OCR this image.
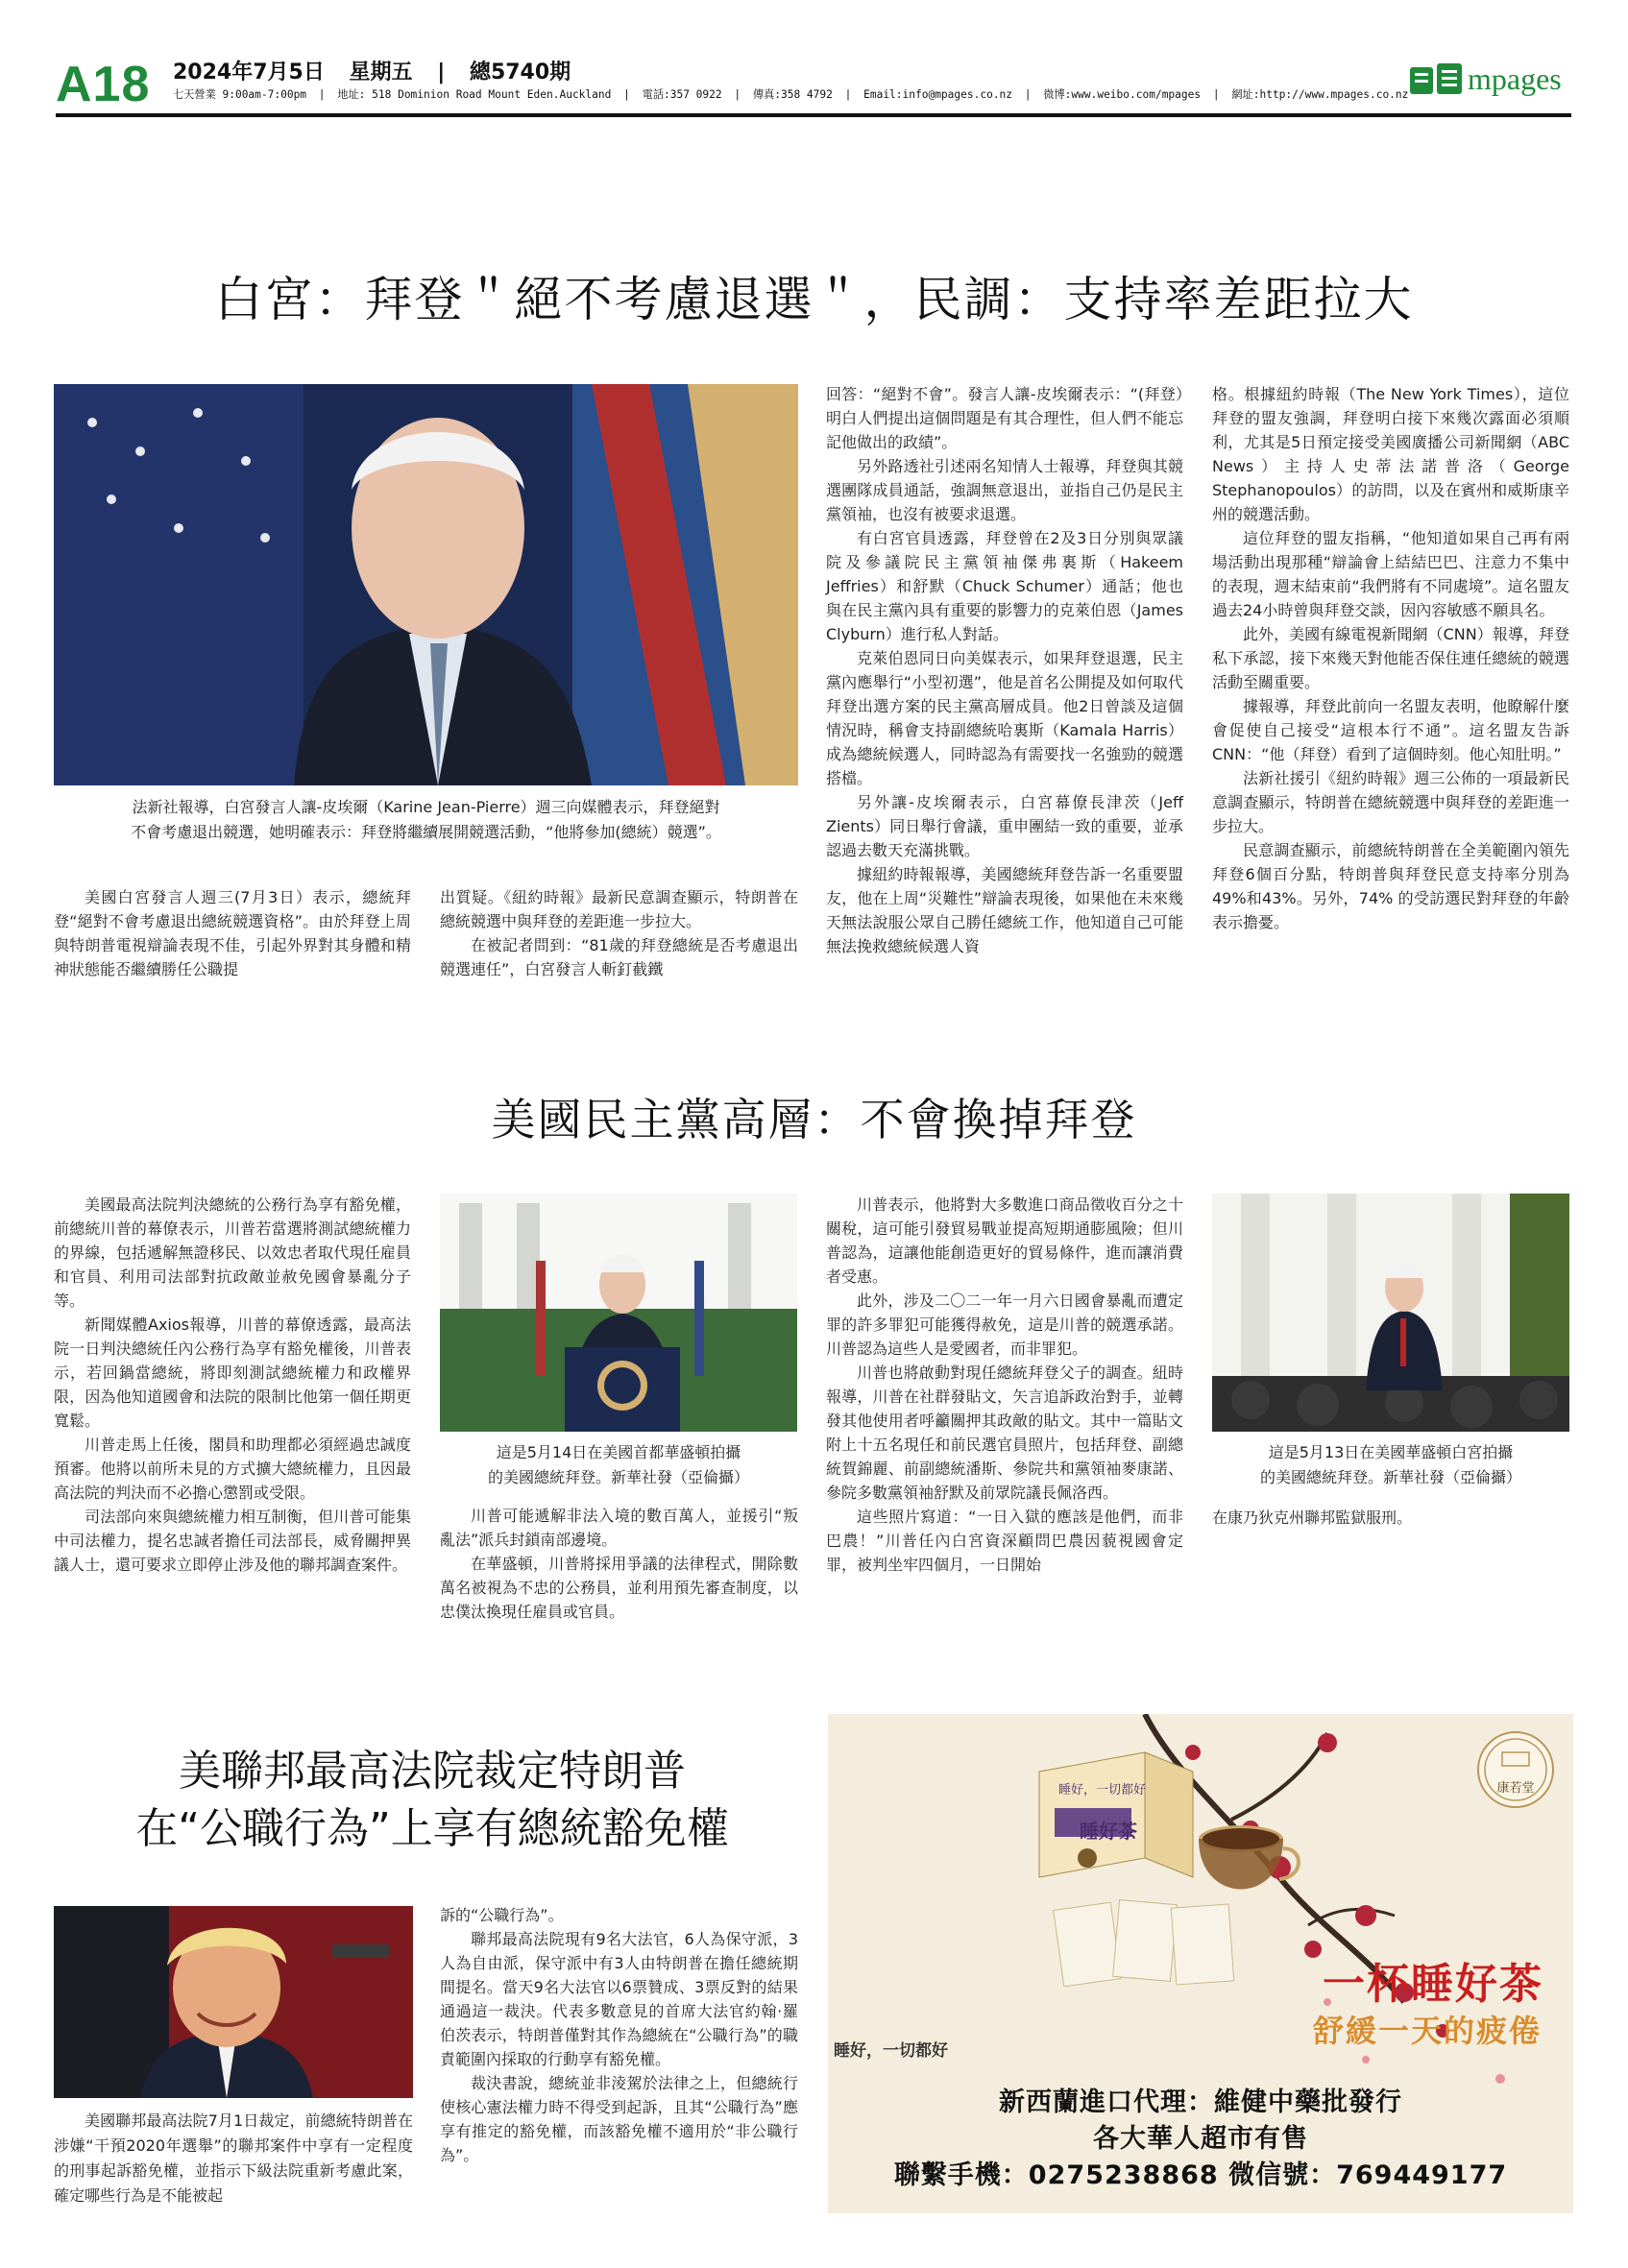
A18 2024年7月5日 星期五 | 總5740期
七天營業 9:00am-7:00pm | 地址: 518 Dominion Road Mount Eden.Auckland | 電話:357 0922 | 傳真:358 4792 | Email:info@mpages.co.nz | 微博:www.weibo.com/mpages | 網址:http://www.mpages.co.nz	mpages
白宮：拜登＂絕不考慮退選＂，民調：支持率差距拉大
法新社報導，白宮發言人讓-皮埃爾（Karine Jean-Pierre）週三向媒體表示，拜登絕對
不會考慮退出競選，她明確表示：拜登將繼續展開競選活動，“他將參加(總統）競選”。

美國白宮發言人週三(7月3日）表示，總統拜登“絕對不會考慮退出總統競選資格”。由於拜登上周與特朗普電視辯論表現不佳，引起外界對其身體和精神狀態能否繼續勝任公職提

出質疑。《紐約時報》最新民意調查顯示，特朗普在總統競選中與拜登的差距進一步拉大。

在被記者問到：“81歲的拜登總統是否考慮退出競選連任”，白宮發言人斬釘截鐵

回答：“絕對不會”。發言人讓-皮埃爾表示：“(拜登）明白人們提出這個問題是有其合理性，但人們不能忘記他做出的政績”。

另外路透社引述兩名知情人士報導，拜登與其競選團隊成員通話，強調無意退出，並指自己仍是民主黨領袖，也沒有被要求退選。

有白宮官員透露，拜登曾在2及3日分別與眾議院及參議院民主黨領袖傑弗裏斯（Hakeem Jeffries）和舒默（Chuck Schumer）通話；他也與在民主黨內具有重要的影響力的克萊伯恩（James Clyburn）進行私人對話。

克萊伯恩同日向美媒表示，如果拜登退選，民主黨內應舉行“小型初選”，他是首名公開提及如何取代拜登出選方案的民主黨高層成員。他2日曾談及這個情況時，稱會支持副總統哈裏斯（Kamala Harris）成為總統候選人，同時認為有需要找一名強勁的競選搭檔。

另外讓-皮埃爾表示，白宮幕僚長津茨（Jeff Zients）同日舉行會議，重申團結一致的重要，並承認過去數天充滿挑戰。

據紐約時報報導，美國總統拜登告訴一名重要盟友，他在上周“災難性”辯論表現後，如果他在未來幾天無法說服公眾自己勝任總統工作，他知道自己可能無法挽救總統候選人資

格。根據紐約時報（The New York Times），這位拜登的盟友強調，拜登明白接下來幾次露面必須順利，尤其是5日預定接受美國廣播公司新聞網（ABC News）主持人史蒂法諾普洛（George Stephanopoulos）的訪問，以及在賓州和威斯康辛州的競選活動。

這位拜登的盟友指稱，“他知道如果自己再有兩場活動出現那種“辯論會上結結巴巴、注意力不集中的表現，週末結束前“我們將有不同處境”。這名盟友過去24小時曾與拜登交談，因內容敏感不願具名。

此外，美國有線電視新聞網（CNN）報導，拜登私下承認，接下來幾天對他能否保住連任總統的競選活動至關重要。

據報導，拜登此前向一名盟友表明，他瞭解什麼會促使自己接受“這根本行不通”。這名盟友告訴CNN：“他（拜登）看到了這個時刻。他心知肚明。”

法新社援引《紐約時報》週三公佈的一項最新民意調查顯示，特朗普在總統競選中與拜登的差距進一步拉大。

民意調查顯示，前總統特朗普在全美範圍內領先拜登6個百分點，特朗普與拜登民意支持率分別為49%和43%。另外，74% 的受訪選民對拜登的年齡表示擔憂。

美國民主黨高層：不會換掉拜登

美國最高法院判決總統的公務行為享有豁免權，前總統川普的幕僚表示，川普若當選將測試總統權力的界線，包括遞解無證移民、以效忠者取代現任雇員和官員、利用司法部對抗政敵並赦免國會暴亂分子等。

新聞媒體Axios報導，川普的幕僚透露，最高法院一日判決總統任內公務行為享有豁免權後，川普表示，若回鍋當總統，將即刻測試總統權力和政權界限，因為他知道國會和法院的限制比他第一個任期更寬鬆。

川普走馬上任後，閣員和助理都必須經過忠誠度預審。他將以前所未見的方式擴大總統權力，且因最高法院的判決而不必擔心懲罰或受限。

司法部向來與總統權力相互制衡，但川普可能集中司法權力，提名忠誠者擔任司法部長，威脅關押異議人士，還可要求立即停止涉及他的聯邦調查案件。

這是5月14日在美國首都華盛頓拍攝
的美國總統拜登。新華社發（亞倫攝）

川普可能遞解非法入境的數百萬人，並援引“叛亂法”派兵封鎖南部邊境。

在華盛頓，川普將採用爭議的法律程式，開除數萬名被視為不忠的公務員，並利用預先審查制度，以忠僕汰換現任雇員或官員。

川普表示，他將對大多數進口商品徵收百分之十關稅，這可能引發貿易戰並提高短期通膨風險；但川普認為，這讓他能創造更好的貿易條件，進而讓消費者受惠。

此外，涉及二〇二一年一月六日國會暴亂而遭定罪的許多罪犯可能獲得赦免，這是川普的競選承諾。川普認為這些人是愛國者，而非罪犯。

川普也將啟動對現任總統拜登父子的調查。紐時報導，川普在社群發貼文，矢言追訴政治對手，並轉發其他使用者呼籲關押其政敵的貼文。其中一篇貼文附上十五名現任和前民選官員照片，包括拜登、副總統賀錦麗、前副總統潘斯、參院共和黨領袖麥康諾、參院多數黨領袖舒默及前眾院議長佩洛西。

這些照片寫道：“一日入獄的應該是他們，而非巴農！”川普任內白宮資深顧問巴農因藐視國會定罪，被判坐牢四個月，一日開始

這是5月13日在美國華盛頓白宮拍攝
的美國總統拜登。新華社發（亞倫攝）

在康乃狄克州聯邦監獄服刑。

美聯邦最高法院裁定特朗普
在“公職行為”上享有總統豁免權

美國聯邦最高法院7月1日裁定，前總統特朗普在涉嫌“干預2020年選舉”的聯邦案件中享有一定程度的刑事起訴豁免權，並指示下級法院重新考慮此案，確定哪些行為是不能被起

訴的“公職行為”。

聯邦最高法院現有9名大法官，6人為保守派，3人為自由派，保守派中有3人由特朗普在擔任總統期間提名。當天9名大法官以6票贊成、3票反對的結果通過這一裁決。代表多數意見的首席大法官約翰·羅伯茨表示，特朗普僅對其作為總統在“公職行為”的職責範圍內採取的行動享有豁免權。

裁決書說，總統並非淩駕於法律之上，但總統行使核心憲法權力時不得受到起訴，且其“公職行為”應享有推定的豁免權，而該豁免權不適用於“非公職行為”。

康若堂
睡好，一切都好
睡好茶
一杯睡好茶
舒緩一天的疲倦
睡好，一切都好
新西蘭進口代理：維健中藥批發行
各大華人超市有售
聯繫手機：0275238868 微信號：769449177
